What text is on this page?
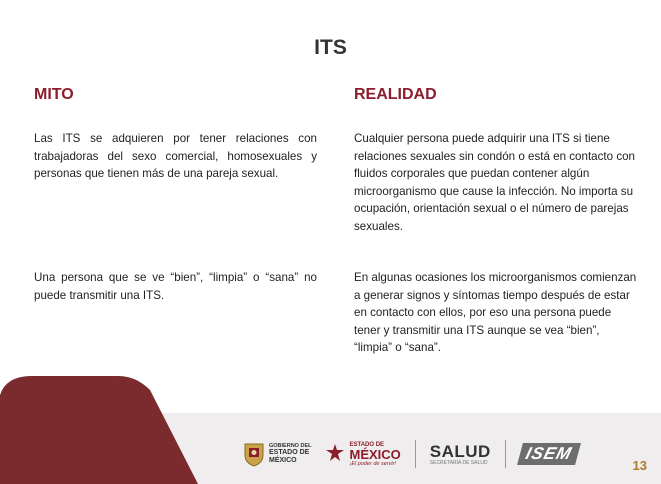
ITS
MITO	REALIDAD
Las ITS se adquieren por tener relaciones con trabajadoras del sexo comercial, homosexuales y personas que tienen más de una pareja sexual.
Cualquier persona puede adquirir una ITS si tiene relaciones sexuales sin condón o está en contacto con fluidos corporales que puedan contener algún microorganismo que cause la infección. No importa su ocupación, orientación sexual o el número de parejas sexuales.
Una persona que se ve “bien”, “limpia” o “sana” no puede transmitir una ITS.
En algunas ocasiones los microorganismos comienzan a generar signos y síntomas tiempo después de estar en contacto con ellos, por eso una persona puede tener y transmitir una ITS aunque se vea “bien”, “limpia” o “sana”.
GOBIERNO DEL
ESTADO DE
MÉXICO
ESTADO DE
MÉXICO
¡El poder de servir!
SALUD
SECRETARÍA DE SALUD	ISEM
13
